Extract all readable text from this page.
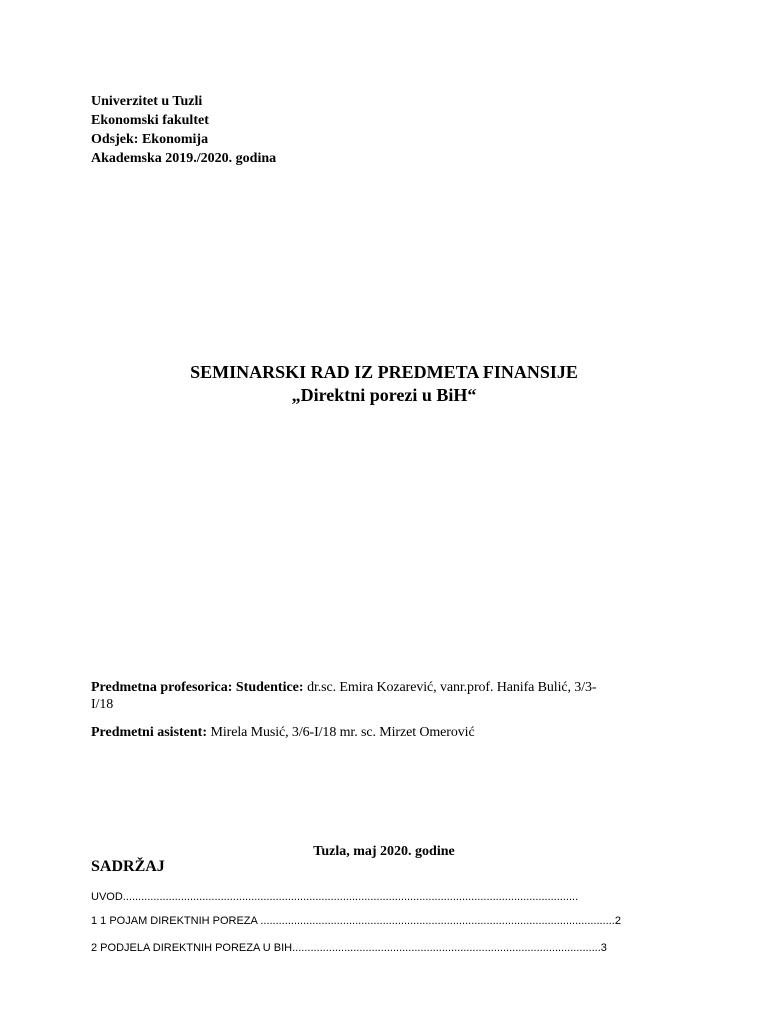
Univerzitet u Tuzli
Ekonomski fakultet
Odsjek: Ekonomija
Akademska 2019./2020. godina
SEMINARSKI RAD IZ PREDMETA FINANSIJE
„Direktni porezi u BiH“
Predmetna profesorica: Studentice: dr.sc. Emira Kozarević, vanr.prof. Hanifa Bulić, 3/3-
I/18
Predmetni asistent: Mirela Musić, 3/6-I/18 mr. sc. Mirzet Omerović
Tuzla, maj 2020. godine
SADRŽAJ
UVOD.....................................................................................................................................................
1 1 POJAM DIREKTNIH POREZA ....................................................................................................................2
2 PODJELA DIREKTNIH POREZA U BIH.....................................................................................................3
